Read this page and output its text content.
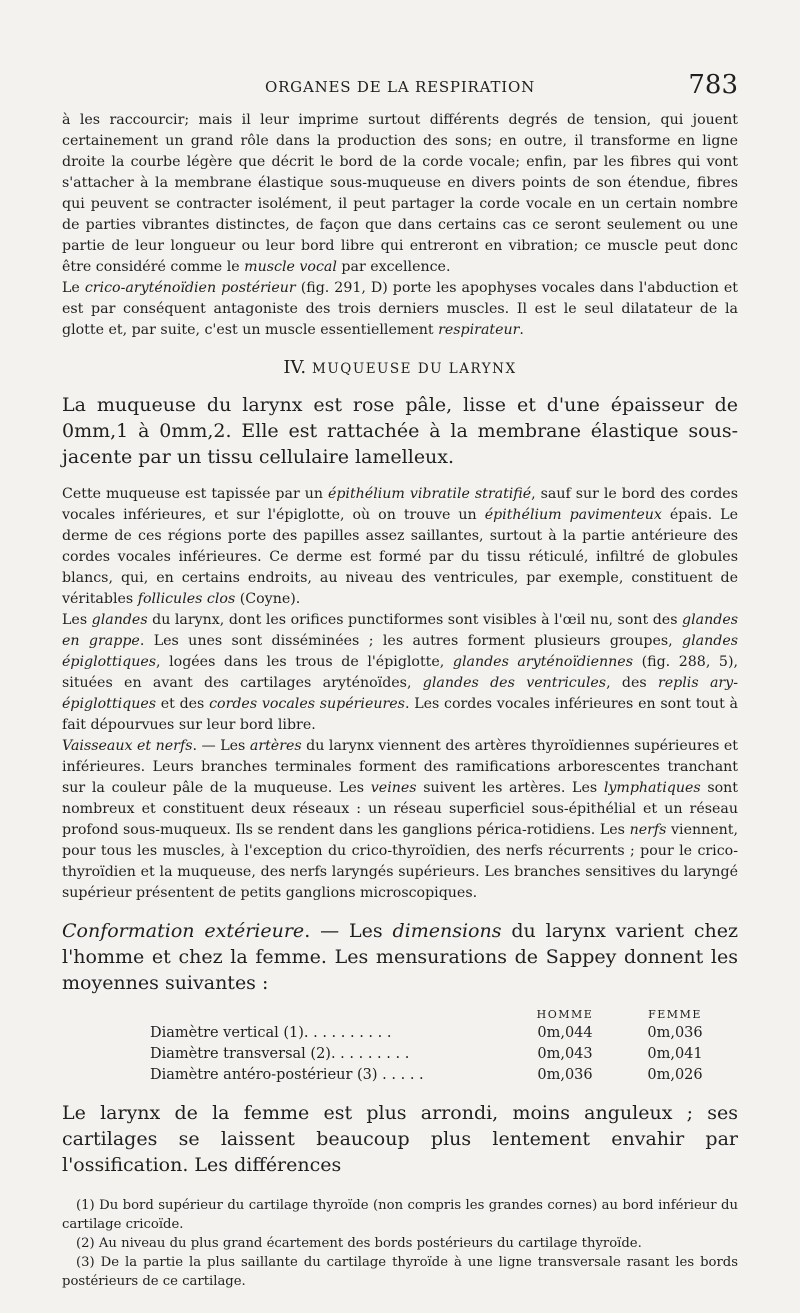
ORGANES DE LA RESPIRATION	783

à les raccourcir; mais il leur imprime surtout différents degrés de tension, qui jouent certainement un grand rôle dans la production des sons; en outre, il transforme en ligne droite la courbe légère que décrit le bord de la corde vocale; enfin, par les fibres qui vont s'attacher à la membrane élastique sous-muqueuse en divers points de son étendue, fibres qui peuvent se contracter isolément, il peut partager la corde vocale en un certain nombre de parties vibrantes distinctes, de façon que dans certains cas ce seront seulement ou une partie de leur longueur ou leur bord libre qui entreront en vibration; ce muscle peut donc être considéré comme le muscle vocal par excellence.

Le crico-aryténoïdien postérieur (fig. 291, D) porte les apophyses vocales dans l'abduction et est par conséquent antagoniste des trois derniers muscles. Il est le seul dilatateur de la glotte et, par suite, c'est un muscle essentiellement respirateur.

IV. MUQUEUSE DU LARYNX

La muqueuse du larynx est rose pâle, lisse et d'une épaisseur de 0mm,1 à 0mm,2. Elle est rattachée à la membrane élastique sous-jacente par un tissu cellulaire lamelleux.

Cette muqueuse est tapissée par un épithélium vibratile stratifié, sauf sur le bord des cordes vocales inférieures, et sur l'épiglotte, où on trouve un épithélium pavimenteux épais. Le derme de ces régions porte des papilles assez saillantes, surtout à la partie antérieure des cordes vocales inférieures. Ce derme est formé par du tissu réticulé, infiltré de globules blancs, qui, en certains endroits, au niveau des ventricules, par exemple, constituent de véritables follicules clos (Coyne).

Les glandes du larynx, dont les orifices punctiformes sont visibles à l'œil nu, sont des glandes en grappe. Les unes sont disséminées ; les autres forment plusieurs groupes, glandes épiglottiques, logées dans les trous de l'épiglotte, glandes aryténoïdiennes (fig. 288, 5), situées en avant des cartilages aryténoïdes, glandes des ventricules, des replis ary-épiglottiques et des cordes vocales supérieures. Les cordes vocales inférieures en sont tout à fait dépourvues sur leur bord libre.

Vaisseaux et nerfs. — Les artères du larynx viennent des artères thyroïdiennes supérieures et inférieures. Leurs branches terminales forment des ramifications arborescentes tranchant sur la couleur pâle de la muqueuse. Les veines suivent les artères. Les lymphatiques sont nombreux et constituent deux réseaux : un réseau superficiel sous-épithélial et un réseau profond sous-muqueux. Ils se rendent dans les ganglions périca-rotidiens. Les nerfs viennent, pour tous les muscles, à l'exception du crico-thyroïdien, des nerfs récurrents ; pour le crico-thyroïdien et la muqueuse, des nerfs laryngés supérieurs. Les branches sensitives du laryngé supérieur présentent de petits ganglions microscopiques.

Conformation extérieure. — Les dimensions du larynx varient chez l'homme et chez la femme. Les mensurations de Sappey donnent les moyennes suivantes :

HOMME	FEMME
Diamètre vertical (1). . . . . . . . . .	0m,044	0m,036
Diamètre transversal (2). . . . . . . . .	0m,043	0m,041
Diamètre antéro-postérieur (3) . . . . .	0m,036	0m,026

Le larynx de la femme est plus arrondi, moins anguleux ; ses cartilages se laissent beaucoup plus lentement envahir par l'ossification. Les différences

(1) Du bord supérieur du cartilage thyroïde (non compris les grandes cornes) au bord inférieur du cartilage cricoïde.

(2) Au niveau du plus grand écartement des bords postérieurs du cartilage thyroïde.

(3) De la partie la plus saillante du cartilage thyroïde à une ligne transversale rasant les bords postérieurs de ce cartilage.
